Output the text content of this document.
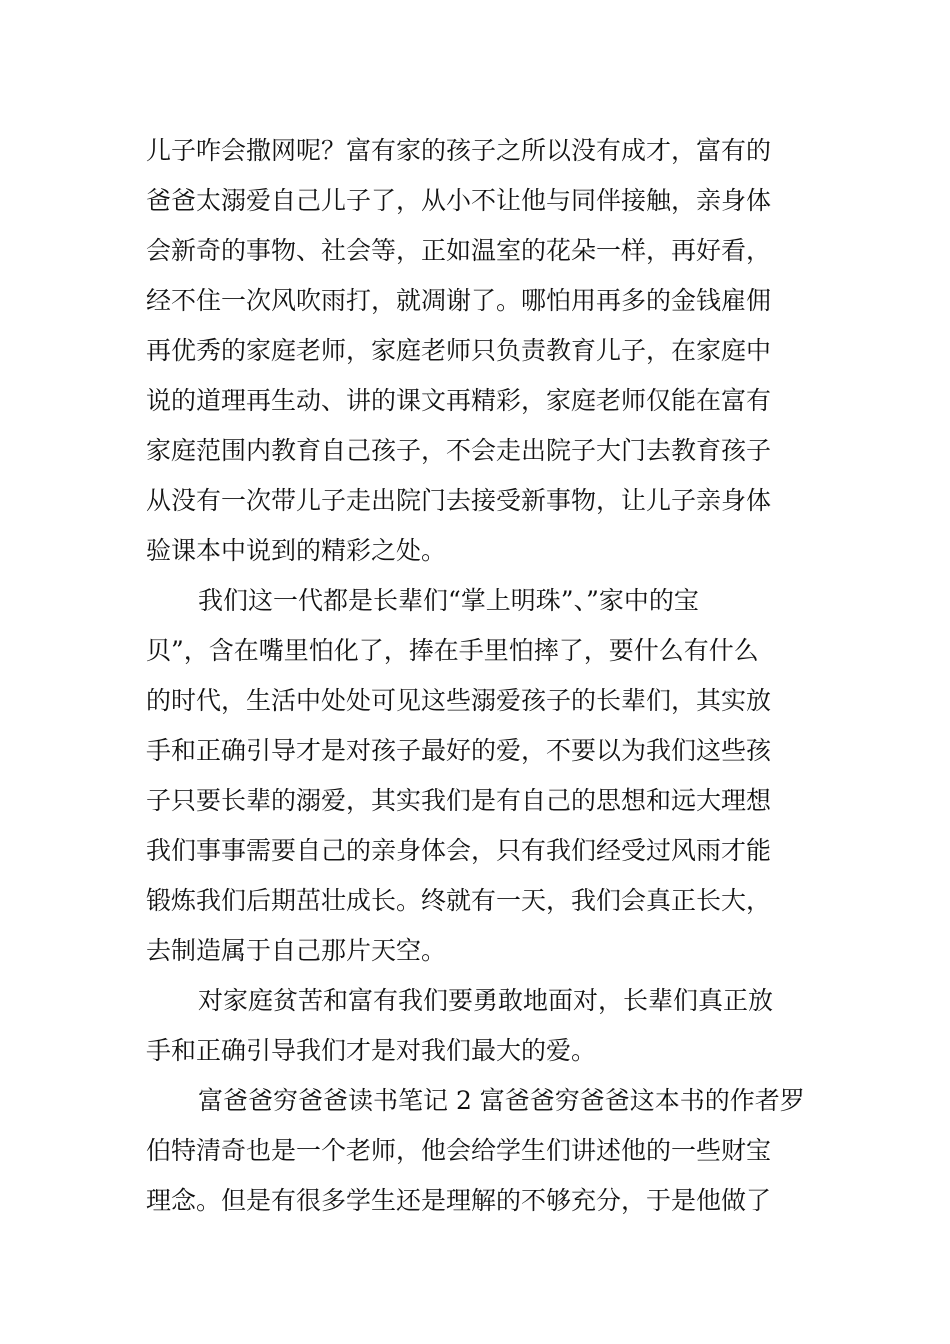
儿子咋会撒网呢？富有家的孩子之所以没有成才，富有的
爸爸太溺爱自己儿子了，从小不让他与同伴接触，亲身体
会新奇的事物、社会等，正如温室的花朵一样，再好看，
经不住一次风吹雨打，就凋谢了。哪怕用再多的金钱雇佣
再优秀的家庭老师，家庭老师只负责教育儿子，在家庭中
说的道理再生动、讲的课文再精彩，家庭老师仅能在富有
家庭范围内教育自己孩子，不会走出院子大门去教育孩子
从没有一次带儿子走出院门去接受新事物，让儿子亲身体
验课本中说到的精彩之处。
我们这一代都是长辈们“掌上明珠”、”家中的宝
贝”，含在嘴里怕化了，捧在手里怕摔了，要什么有什么
的时代，生活中处处可见这些溺爱孩子的长辈们，其实放
手和正确引导才是对孩子最好的爱，不要以为我们这些孩
子只要长辈的溺爱，其实我们是有自己的思想和远大理想
我们事事需要自己的亲身体会，只有我们经受过风雨才能
锻炼我们后期茁壮成长。终就有一天，我们会真正长大，
去制造属于自己那片天空。
对家庭贫苦和富有我们要勇敢地面对，长辈们真正放
手和正确引导我们才是对我们最大的爱。
富爸爸穷爸爸读书笔记 2 富爸爸穷爸爸这本书的作者罗
伯特清奇也是一个老师，他会给学生们讲述他的一些财宝
理念。但是有很多学生还是理解的不够充分，于是他做了
